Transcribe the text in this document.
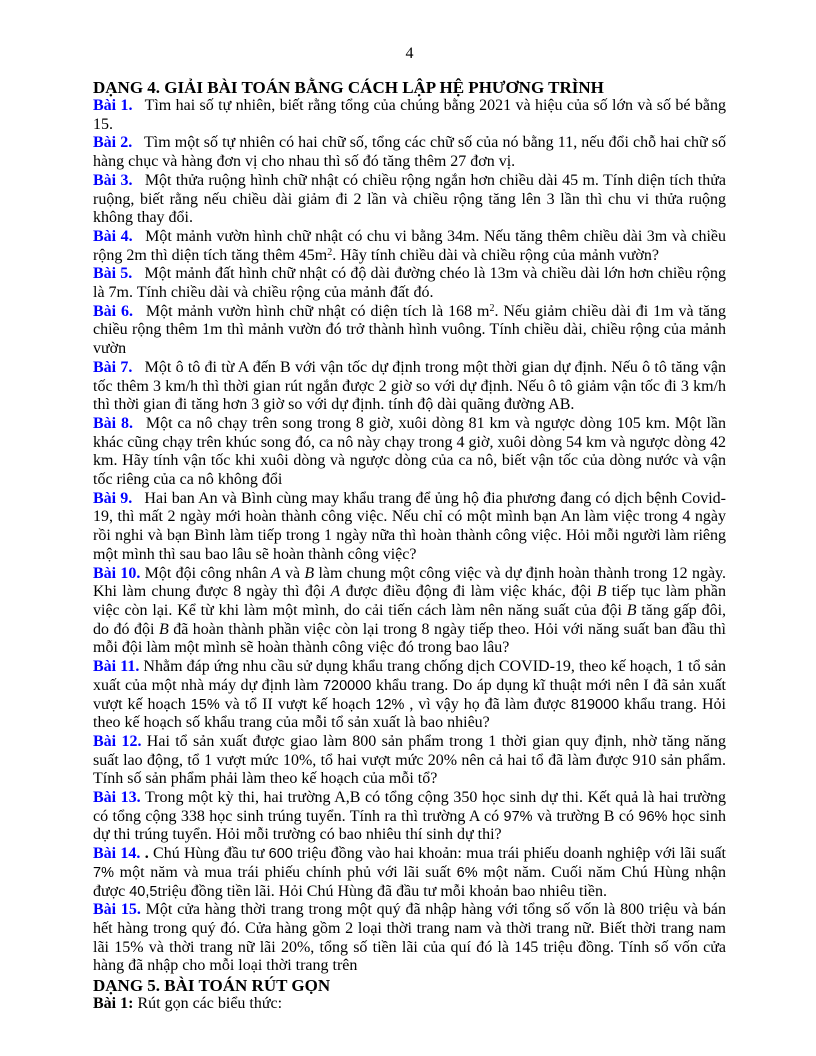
4
DẠNG 4. GIẢI BÀI TOÁN BẰNG CÁCH LẬP HỆ PHƯƠNG TRÌNH

Bài 1.  Tìm hai số tự nhiên, biết rằng tổng của chúng bằng 2021 và hiệu của số lớn và số bé bằng 15.

Bài 2.  Tìm một số tự nhiên có hai chữ số, tổng các chữ số của nó bằng 11, nếu đổi chỗ hai chữ số hàng chục và hàng đơn vị cho nhau thì số đó tăng thêm 27 đơn vị.

Bài 3.  Một thửa ruộng hình chữ nhật có chiều rộng ngắn hơn chiều dài 45 m. Tính diện tích thửa ruộng, biết rằng nếu chiều dài giảm đi 2 lần và chiều rộng tăng lên 3 lần thì chu vi thửa ruộng không thay đổi.

Bài 4.  Một mảnh vườn hình chữ nhật có chu vi bằng 34m. Nếu tăng thêm chiều dài 3m và chiều rộng 2m thì diện tích tăng thêm $45m^2$. Hãy tính chiều dài và chiều rộng của mảnh vườn?

Bài 5.  Một mảnh đất hình chữ nhật có độ dài đường chéo là 13m và chiều dài lớn hơn chiều rộng là 7m. Tính chiều dài và chiều rộng của mảnh đất đó.

Bài 6.  Một mảnh vườn hình chữ nhật có diện tích là 168 $m^2$. Nếu giảm chiều dài đi 1m và tăng chiều rộng thêm 1m thì mảnh vườn đó trở thành hình vuông. Tính chiều dài, chiều rộng của mảnh vườn

Bài 7.  Một ô tô đi từ A đến B với vận tốc dự định trong một thời gian dự định. Nếu ô tô tăng vận tốc thêm 3 km/h thì thời gian rút ngắn được 2 giờ so với dự định. Nếu ô tô giảm vận tốc đi 3 km/h thì thời gian đi tăng hơn 3 giờ so với dự định. tính độ dài quãng đường AB.

Bài 8.  Một ca nô chạy trên song trong 8 giờ, xuôi dòng 81 km và ngược dòng 105 km. Một lần khác cũng chạy trên khúc song đó, ca nô này chạy trong 4 giờ, xuôi dòng 54 km và ngược dòng 42 km. Hãy tính vận tốc khi xuôi dòng và ngược dòng của ca nô, biết vận tốc của dòng nước và vận tốc riêng của ca nô không đổi

Bài 9.  Hai ban An và Bình cùng may khẩu trang để ủng hộ đia phương đang có dịch bệnh Covid-19, thì mất 2 ngày mới hoàn thành công việc. Nếu chỉ có một mình bạn An làm việc trong 4 ngày rồi nghi và bạn Bình làm tiếp trong 1 ngày nữa thì hoàn thành công việc. Hỏi mỗi người làm riêng một mình thì sau bao lâu sẽ hoàn thành công việc?

Bài 10. Một đội công nhân A và B làm chung một công việc và dự định hoàn thành trong 12 ngày. Khi làm chung được 8 ngày thì đội A được điều động đi làm việc khác, đội B tiếp tục làm phần việc còn lại. Kể từ khi làm một mình, do cải tiến cách làm nên năng suất của đội B tăng gấp đôi, do đó đội B đã hoàn thành phần việc còn lại trong 8 ngày tiếp theo. Hỏi với năng suất ban đầu thì mỗi đội làm một mình sẽ hoàn thành công việc đó trong bao lâu?

Bài 11. Nhằm đáp ứng nhu cầu sử dụng khẩu trang chống dịch COVID-19, theo kế hoạch, 1 tổ sản xuất của một nhà máy dự định làm 720000 khẩu trang. Do áp dụng kĩ thuật mới nên I đã sản xuất vượt kế hoạch 15% và tổ II vượt kế hoạch 12% , vì vậy họ đã làm được 819000 khẩu trang. Hỏi theo kế hoạch số khẩu trang của mỗi tổ sản xuất là bao nhiêu?

Bài 12. Hai tổ sản xuất được giao làm 800 sản phẩm trong 1 thời gian quy định, nhờ tăng năng suất lao động, tổ 1 vượt mức 10%, tổ hai vượt mức 20% nên cả hai tổ đã làm được 910 sản phẩm. Tính số sản phẩm phải làm theo kế hoạch của mỗi tổ?

Bài 13. Trong một kỳ thi, hai trường A,B có tổng cộng 350 học sinh dự thi. Kết quả là hai trường có tổng cộng 338 học sinh trúng tuyển. Tính ra thì trường A có 97% và trường B có 96% học sinh dự thi trúng tuyển. Hỏi mỗi trường có bao nhiêu thí sinh dự thi?

Bài 14. . Chú Hùng đầu tư 600 triệu đồng vào hai khoản: mua trái phiếu doanh nghiệp với lãi suất 7% một năm và mua trái phiếu chính phủ với lãi suất 6% một năm. Cuối năm Chú Hùng nhận được 40,5triệu đồng tiền lãi. Hỏi Chú Hùng đã đầu tư mỗi khoản bao nhiêu tiền.

Bài 15. Một cửa hàng thời trang trong một quý đã nhập hàng với tổng số vốn là 800 triệu và bán hết hàng trong quý đó. Cửa hàng gồm 2 loại thời trang nam và thời trang nữ. Biết thời trang nam lãi 15% và thời trang nữ lãi 20%, tổng số tiền lãi của quí đó là 145 triệu đồng. Tính số vốn cửa hàng đã nhập cho mỗi loại thời trang trên

DẠNG 5. BÀI TOÁN RÚT GỌN

Bài 1: Rút gọn các biểu thức:
